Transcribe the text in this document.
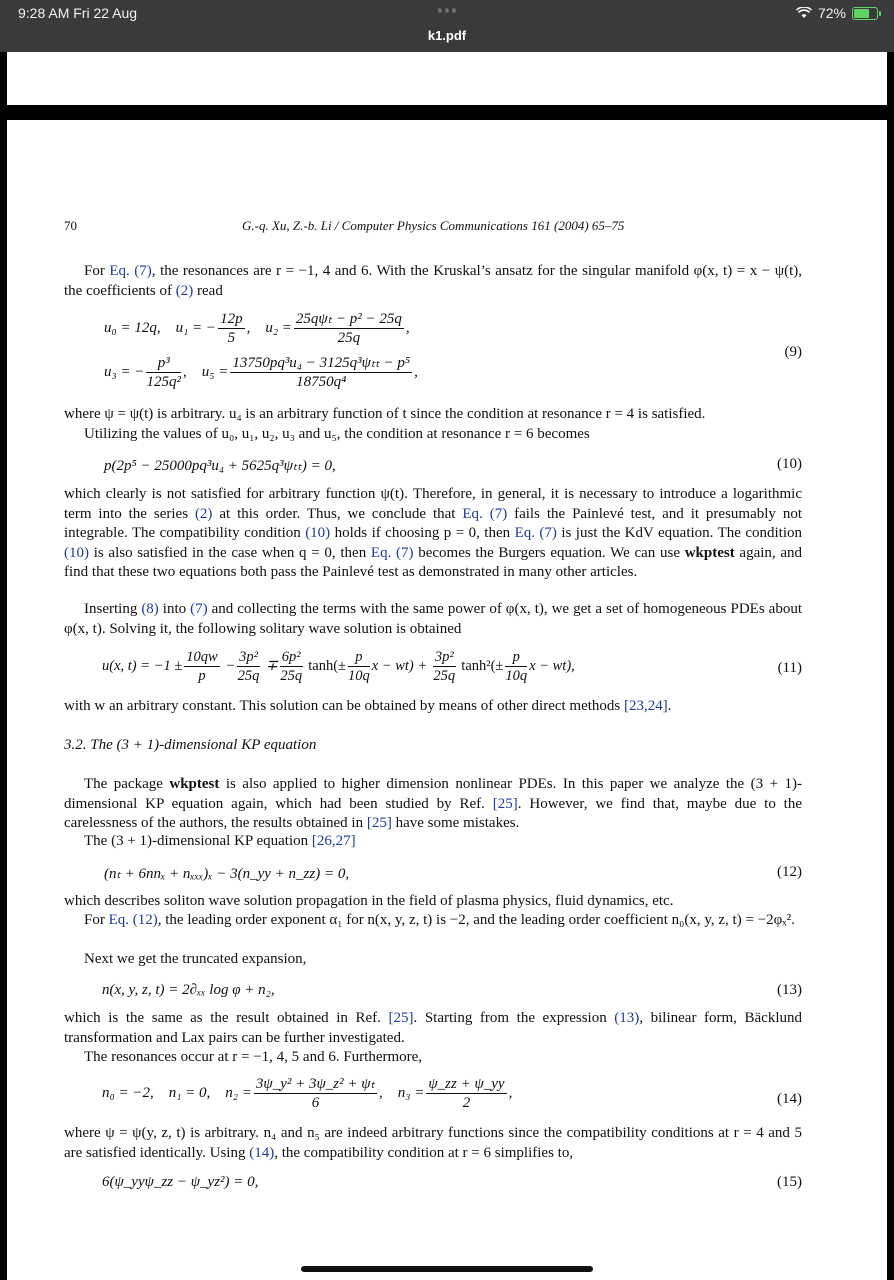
9:28 AM Fri 22 Aug	72%
k1.pdf
70	G.-q. Xu, Z.-b. Li / Computer Physics Communications 161 (2004) 65–75
For Eq. (7), the resonances are r = −1, 4 and 6. With the Kruskal’s ansatz for the singular manifold φ(x, t) = x − ψ(t), the coefficients of (2) read
u₀ = 12q, u₁ = − $\frac{12p}{5}$ ,    $u_2 = \frac{\text{25qψₜ − p² − 25q}}{25q}$ ,
u₃ = − $\frac{\text{p³}}{\text{125q²}}$ ,    $u_5 = \frac{\text{13750pq³u₄ − 3125q³ψₜₜ − p⁵}}{\text{18750q⁴}}$ ,
(9)
where ψ = ψ(t) is arbitrary. u₄ is an arbitrary function of t since the condition at resonance r = 4 is satisfied.
Utilizing the values of u₀, u₁, u₂, u₃ and u₅, the condition at resonance r = 6 becomes
p(2p⁵ − 25000pq³u₄ + 5625q³ψₜₜ) = 0,	(10)
which clearly is not satisfied for arbitrary function ψ(t). Therefore, in general, it is necessary to introduce a logarithmic term into the series (2) at this order. Thus, we conclude that Eq. (7) fails the Painlevé test, and it presumably not integrable. The compatibility condition (10) holds if choosing p = 0, then Eq. (7) is just the KdV equation. The condition (10) is also satisfied in the case when q = 0, then Eq. (7) becomes the Burgers equation. We can use wkptest again, and find that these two equations both pass the Painlevé test as demonstrated in many other articles.
Inserting (8) into (7) and collecting the terms with the same power of φ(x, t), we get a set of homogeneous PDEs about φ(x, t). Solving it, the following solitary wave solution is obtained
u(x, $t) = -1 \pm \frac{10qw}{p} - \frac{\text{3p²}}{25q} \mp \frac{\text{6p²}}{25q} \tanh(\pm \frac{p}{10q}$ $x - wt) + \frac{\text{3p²}}{25q} \tanh^2(\pm \frac{p}{10q}$ x − wt),	(11)
with w an arbitrary constant. This solution can be obtained by means of other direct methods [23,24].
3.2. The (3 + 1)-dimensional KP equation
The package wkptest is also applied to higher dimension nonlinear PDEs. In this paper we analyze the (3 + 1)-dimensional KP equation again, which had been studied by Ref. [25]. However, we find that, maybe due to the carelessness of the authors, the results obtained in [25] have some mistakes.
The (3 + 1)-dimensional KP equation [26,27]
(nₜ + 6nnₓ + nₓₓₓ)ₓ − 3(n_yy + n_zz) = 0,	(12)
which describes soliton wave solution propagation in the field of plasma physics, fluid dynamics, etc.
For Eq. (12), the leading order exponent α₁ for n(x, y, z, t) is −2, and the leading order coefficient n₀(x, y, z, t) = −2φₓ².
Next we get the truncated expansion,
n(x, y, z, t) = 2∂ₓₓ log φ + n₂,	(13)
which is the same as the result obtained in Ref. [25]. Starting from the expression (13), bilinear form, Bäcklund transformation and Lax pairs can be further investigated.
The resonances occur at r = −1, 4, 5 and 6. Furthermore,
n₀ = −2,    n₁ = 0,    $n_2 = \frac{\text{3ψ\_y² + 3ψ\_z² + ψₜ}}{6}$ ,    $n_3 = \frac{\psi\_zz + \psi\_yy}{2}$ ,	(14)
where ψ = ψ(y, z, t) is arbitrary. n₄ and n₅ are indeed arbitrary functions since the compatibility conditions at r = 4 and 5 are satisfied identically. Using (14), the compatibility condition at r = 6 simplifies to,
6(ψ_yyψ_zz − ψ_yz²) = 0,	(15)
